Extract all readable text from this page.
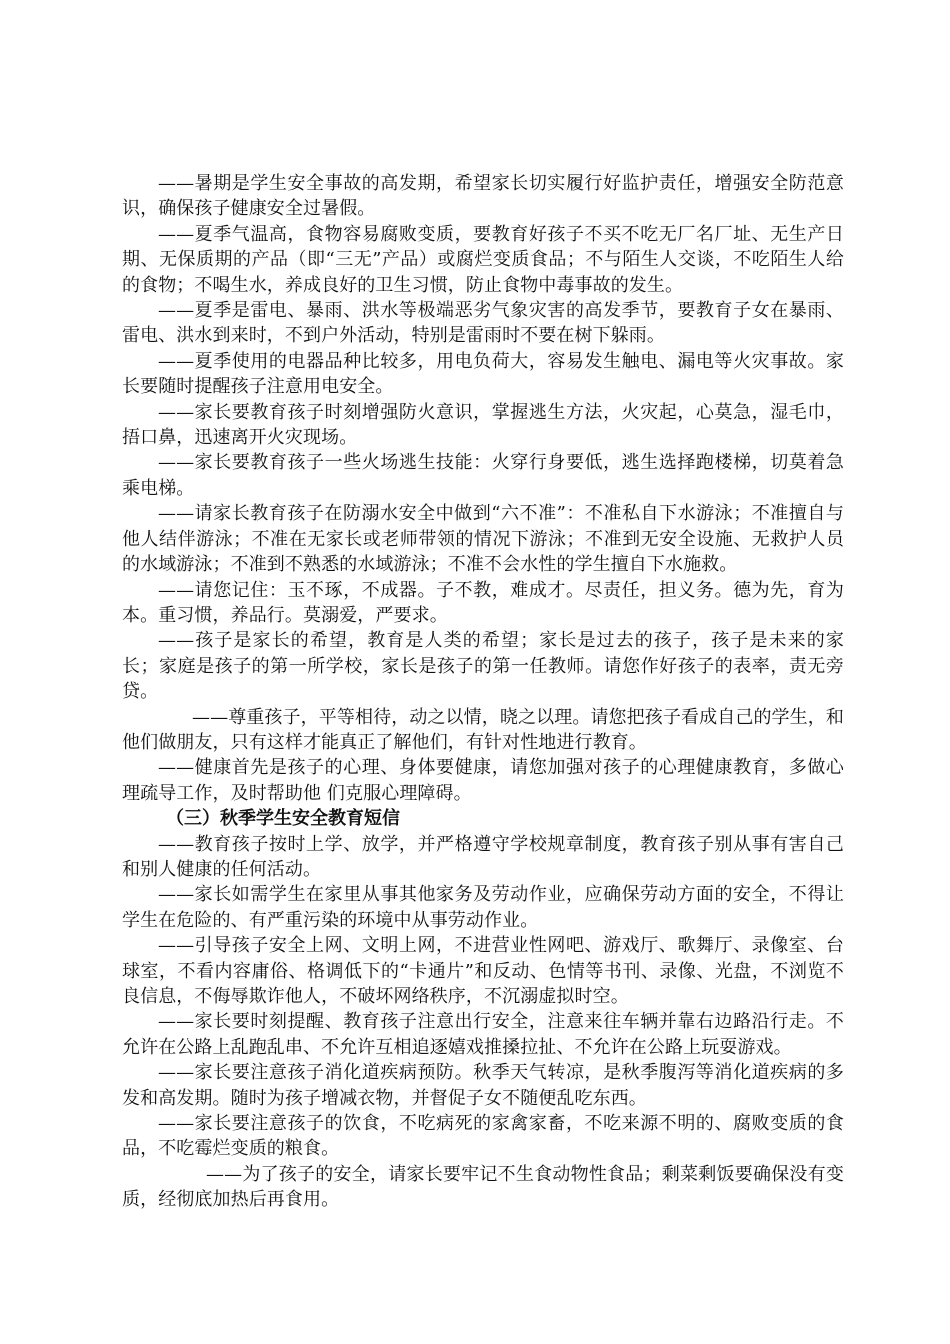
——暑期是学生安全事故的高发期，希望家长切实履行好监护责任，增强安全防范意识，确保孩子健康安全过暑假。

——夏季气温高，食物容易腐败变质，要教育好孩子不买不吃无厂名厂址、无生产日期、无保质期的产品（即“三无”产品）或腐烂变质食品；不与陌生人交谈，不吃陌生人给的食物；不喝生水，养成良好的卫生习惯，防止食物中毒事故的发生。

——夏季是雷电、暴雨、洪水等极端恶劣气象灾害的高发季节，要教育子女在暴雨、雷电、洪水到来时，不到户外活动，特别是雷雨时不要在树下躲雨。

——夏季使用的电器品种比较多，用电负荷大，容易发生触电、漏电等火灾事故。家长要随时提醒孩子注意用电安全。

——家长要教育孩子时刻增强防火意识，掌握逃生方法，火灾起，心莫急，湿毛巾，捂口鼻，迅速离开火灾现场。

——家长要教育孩子一些火场逃生技能：火穿行身要低，逃生选择跑楼梯，切莫着急乘电梯。

——请家长教育孩子在防溺水安全中做到“六不准”：不准私自下水游泳；不准擅自与他人结伴游泳；不准在无家长或老师带领的情况下游泳；不准到无安全设施、无救护人员的水域游泳；不准到不熟悉的水域游泳；不准不会水性的学生擅自下水施救。

——请您记住：玉不琢，不成器。子不教，难成才。尽责任，担义务。德为先，育为本。重习惯，养品行。莫溺爱，严要求。

——孩子是家长的希望，教育是人类的希望；家长是过去的孩子，孩子是未来的家长；家庭是孩子的第一所学校，家长是孩子的第一任教师。请您作好孩子的表率，责无旁贷。

——尊重孩子，平等相待，动之以情，晓之以理。请您把孩子看成自己的学生，和他们做朋友，只有这样才能真正了解他们，有针对性地进行教育。

——健康首先是孩子的心理、身体要健康，请您加强对孩子的心理健康教育，多做心理疏导工作，及时帮助他 们克服心理障碍。

（三）秋季学生安全教育短信

——教育孩子按时上学、放学，并严格遵守学校规章制度，教育孩子别从事有害自己和别人健康的任何活动。

——家长如需学生在家里从事其他家务及劳动作业，应确保劳动方面的安全，不得让学生在危险的、有严重污染的环境中从事劳动作业。

——引导孩子安全上网、文明上网，不进营业性网吧、游戏厅、歌舞厅、录像室、台球室，不看内容庸俗、格调低下的“卡通片”和反动、色情等书刊、录像、光盘，不浏览不良信息，不侮辱欺诈他人，不破坏网络秩序，不沉溺虚拟时空。

——家长要时刻提醒、教育孩子注意出行安全，注意来往车辆并靠右边路沿行走。不允许在公路上乱跑乱串、不允许互相追逐嬉戏推搡拉扯、不允许在公路上玩耍游戏。

——家长要注意孩子消化道疾病预防。秋季天气转凉，是秋季腹泻等消化道疾病的多发和高发期。随时为孩子增减衣物，并督促子女不随便乱吃东西。

——家长要注意孩子的饮食，不吃病死的家禽家畜，不吃来源不明的、腐败变质的食品，不吃霉烂变质的粮食。

——为了孩子的安全，请家长要牢记不生食动物性食品；剩菜剩饭要确保没有变质，经彻底加热后再食用。
